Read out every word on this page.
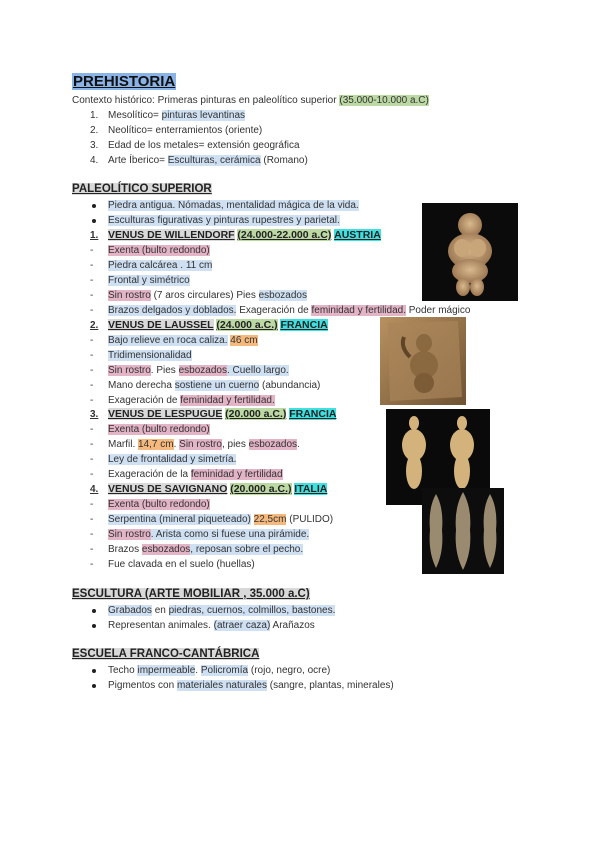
PREHISTORIA
Contexto histórico: Primeras pinturas en paleolítico superior (35.000-10.000 a.C)
1. Mesolítico= pinturas levantinas
2. Neolítico= enterramientos (oriente)
3. Edad de los metales= extensión geográfica
4. Arte Íberico= Esculturas, cerámica (Romano)
PALEOLÍTICO SUPERIOR
Piedra antigua. Nómadas, mentalidad mágica de la vida.
Esculturas figurativas y pinturas rupestres y parietal.
1. VENUS DE WILLENDORF (24.000-22.000 a.C) AUSTRIA
- Exenta (bulto redondo)
- Piedra calcárea . 11 cm
- Frontal y simétrico
- Sin rostro (7 aros circulares) Pies esbozados
- Brazos delgados y doblados. Exageración de feminidad y fertilidad. Poder mágico
2. VENUS DE LAUSSEL (24.000 a.C.) FRANCIA
- Bajo relieve en roca caliza. 46 cm
- Tridimensionalidad
- Sin rostro. Pies esbozados. Cuello largo.
- Mano derecha sostiene un cuerno (abundancia)
- Exageración de feminidad y fertilidad.
3. VENUS DE LESPUGUE (20.000 a.C.) FRANCIA
- Exenta (bulto redondo)
- Marfil. 14,7 cm. Sin rostro, pies esbozados.
- Ley de frontalidad y simetría.
- Exageración de la feminidad y fertilidad
4. VENUS DE SAVIGNANO (20.000 a.C.) ITALIA
- Exenta (bulto redondo)
- Serpentina (mineral piqueteado) 22,5cm (PULIDO)
- Sin rostro. Arista como si fuese una pirámide.
- Brazos esbozados, reposan sobre el pecho.
- Fue clavada en el suelo (huellas)
ESCULTURA (ARTE MOBILIAR , 35.000 a.C)
Grabados en piedras, cuernos, colmillos, bastones.
Representan animales. (atraer caza) Arañazos
ESCUELA FRANCO-CANTÁBRICA
Techo impermeable. Policromía (rojo, negro, ocre)
Pigmentos con materiales naturales (sangre, plantas, minerales)
